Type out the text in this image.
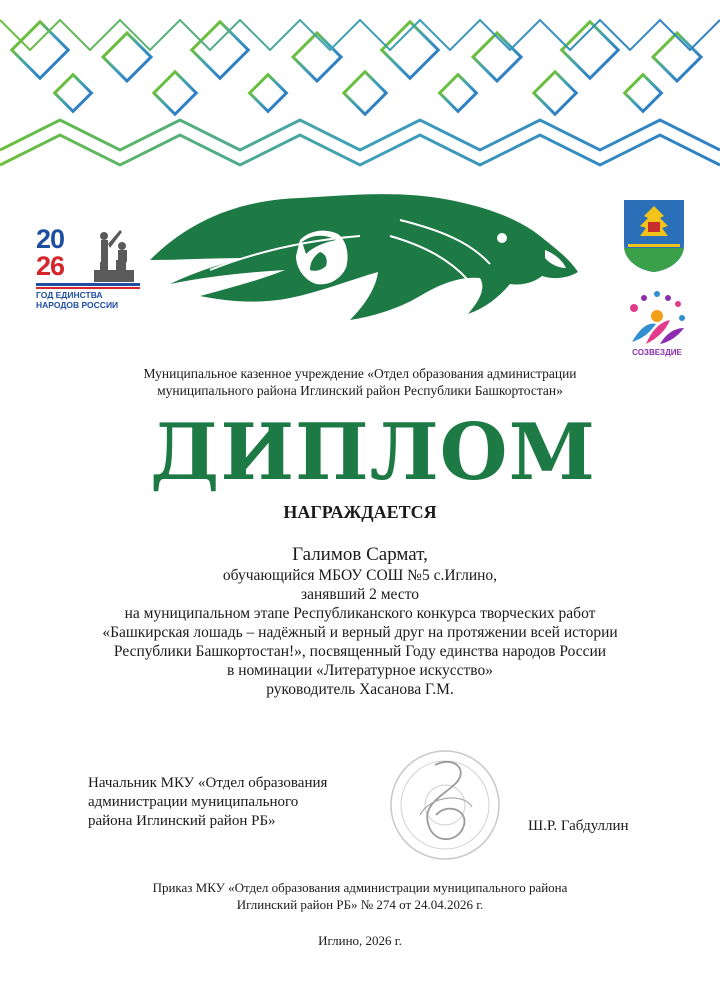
20
26
ГОД ЕДИНСТВА
НАРОДОВ РОССИИ
СОЗВЕЗДИЕ
Муниципальное казенное учреждение «Отдел образования администрации
муниципального района Иглинский район Республики Башкортостан»
ДИПЛОМ
НАГРАЖДАЕТСЯ
Галимов Сармат,
обучающийся МБОУ СОШ №5 с.Иглино,
занявший 2 место
на муниципальном этапе Республиканского конкурса творческих работ
«Башкирская лошадь – надёжный и верный друг на протяжении всей истории
Республики Башкортостан!», посвященный Году единства народов России
в номинации «Литературное искусство»
руководитель Хасанова Г.М.
Начальник МКУ «Отдел образования
администрации муниципального
района Иглинский район РБ»	Ш.Р. Габдуллин
Приказ МКУ «Отдел образования администрации муниципального района
Иглинский район РБ» № 274 от 24.04.2026 г.
Иглино, 2026 г.
